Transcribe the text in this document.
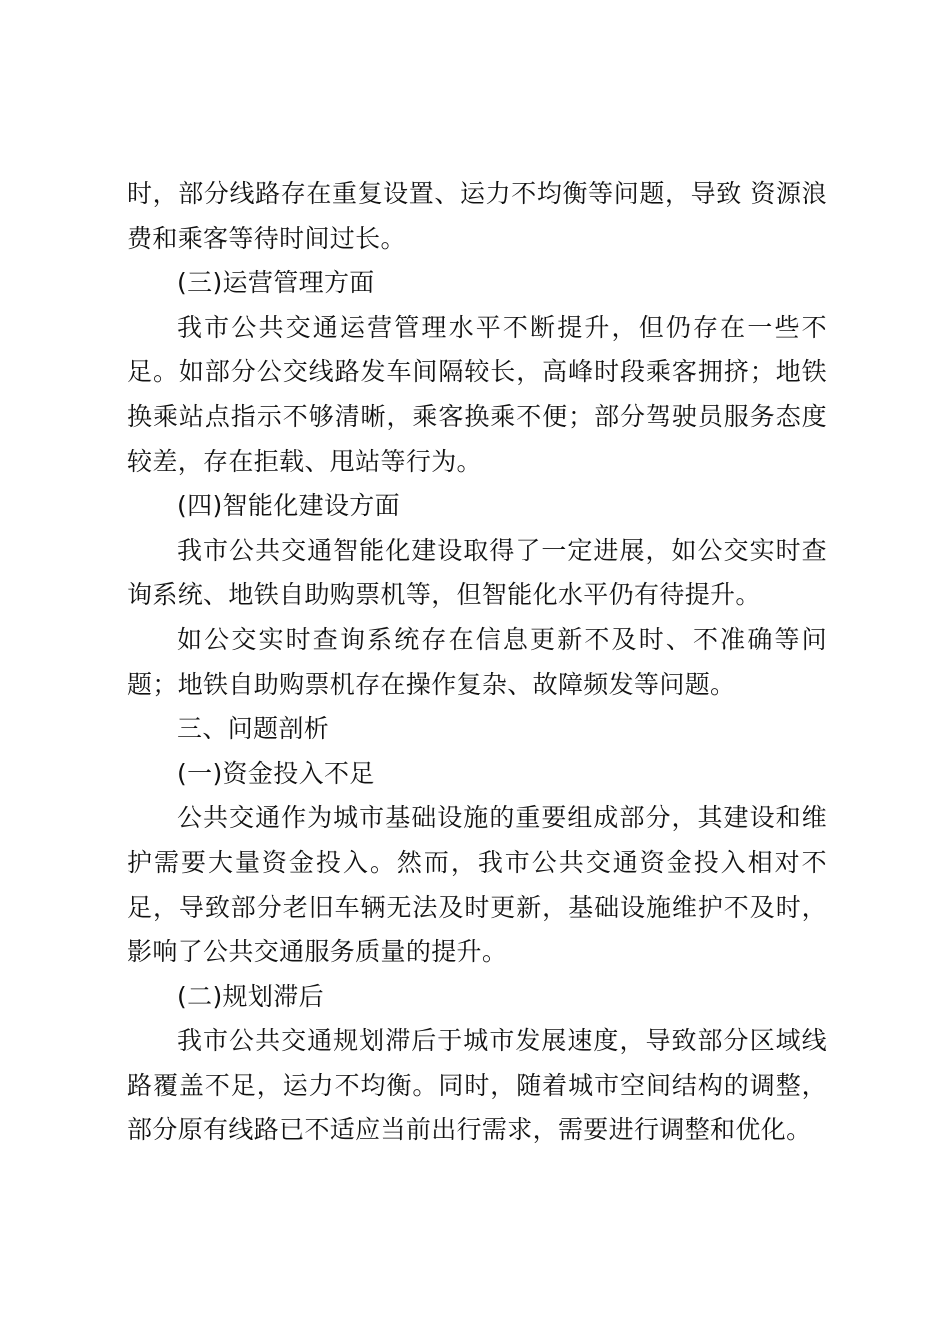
时，部分线路存在重复设置、运力不均衡等问题，导致 资源浪费和乘客等待时间过长。

(三)运营管理方面

我市公共交通运营管理水平不断提升，但仍存在一些不足。如部分公交线路发车间隔较长，高峰时段乘客拥挤；地铁换乘站点指示不够清晰，乘客换乘不便；部分驾驶员服务态度较差，存在拒载、甩站等行为。

(四)智能化建设方面

我市公共交通智能化建设取得了一定进展，如公交实时查询系统、地铁自助购票机等，但智能化水平仍有待提升。

如公交实时查询系统存在信息更新不及时、不准确等问题；地铁自助购票机存在操作复杂、故障频发等问题。

三、问题剖析

(一)资金投入不足

公共交通作为城市基础设施的重要组成部分，其建设和维护需要大量资金投入。然而，我市公共交通资金投入相对不足，导致部分老旧车辆无法及时更新，基础设施维护不及时，影响了公共交通服务质量的提升。

(二)规划滞后

我市公共交通规划滞后于城市发展速度，导致部分区域线路覆盖不足，运力不均衡。同时，随着城市空间结构的调整，部分原有线路已不适应当前出行需求，需要进行调整和优化。
